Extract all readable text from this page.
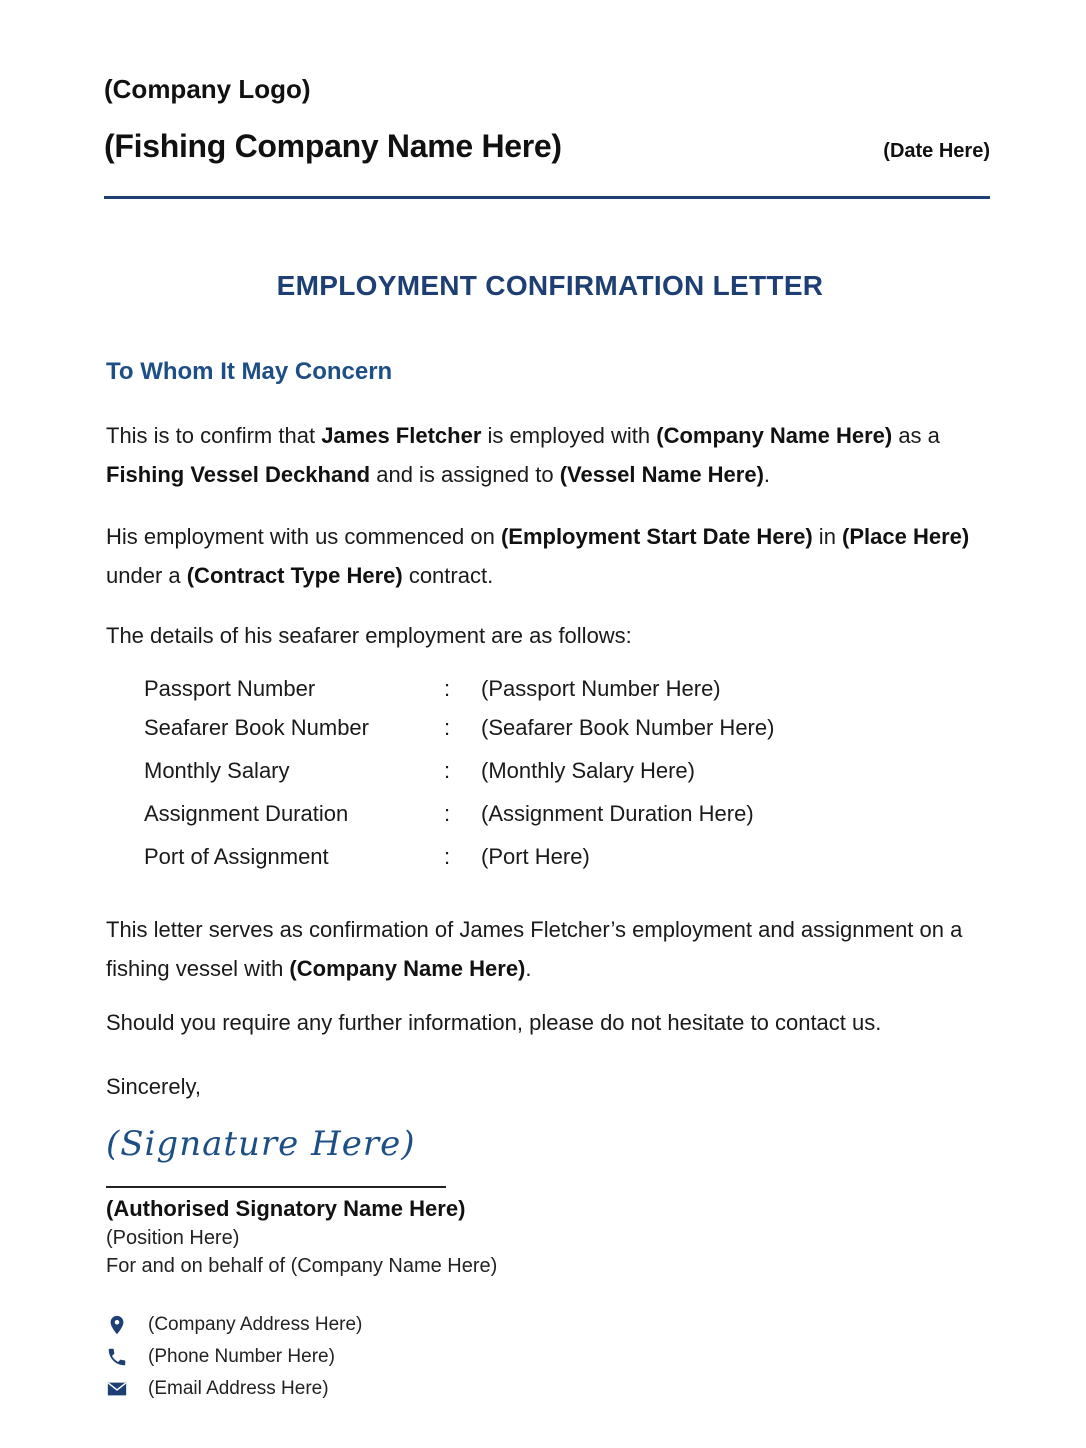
(Company Logo)
(Fishing Company Name Here)	(Date Here)
EMPLOYMENT CONFIRMATION LETTER
To Whom It May Concern
This is to confirm that James Fletcher is employed with (Company Name Here) as a
Fishing Vessel Deckhand and is assigned to (Vessel Name Here).
His employment with us commenced on (Employment Start Date Here) in (Place Here)
under a (Contract Type Here) contract.
The details of his seafarer employment are as follows:
Passport Number	: (Passport Number Here)
Seafarer Book Number	: (Seafarer Book Number Here)
Monthly Salary	: (Monthly Salary Here)
Assignment Duration	: (Assignment Duration Here)
Port of Assignment	: (Port Here)
This letter serves as confirmation of James Fletcher’s employment and assignment on a fishing vessel with (Company Name Here).
Should you require any further information, please do not hesitate to contact us.
Sincerely,
(Signature Here)
(Authorised Signatory Name Here)
(Position Here)
For and on behalf of (Company Name Here)
(Company Address Here)
(Phone Number Here)
(Email Address Here)
